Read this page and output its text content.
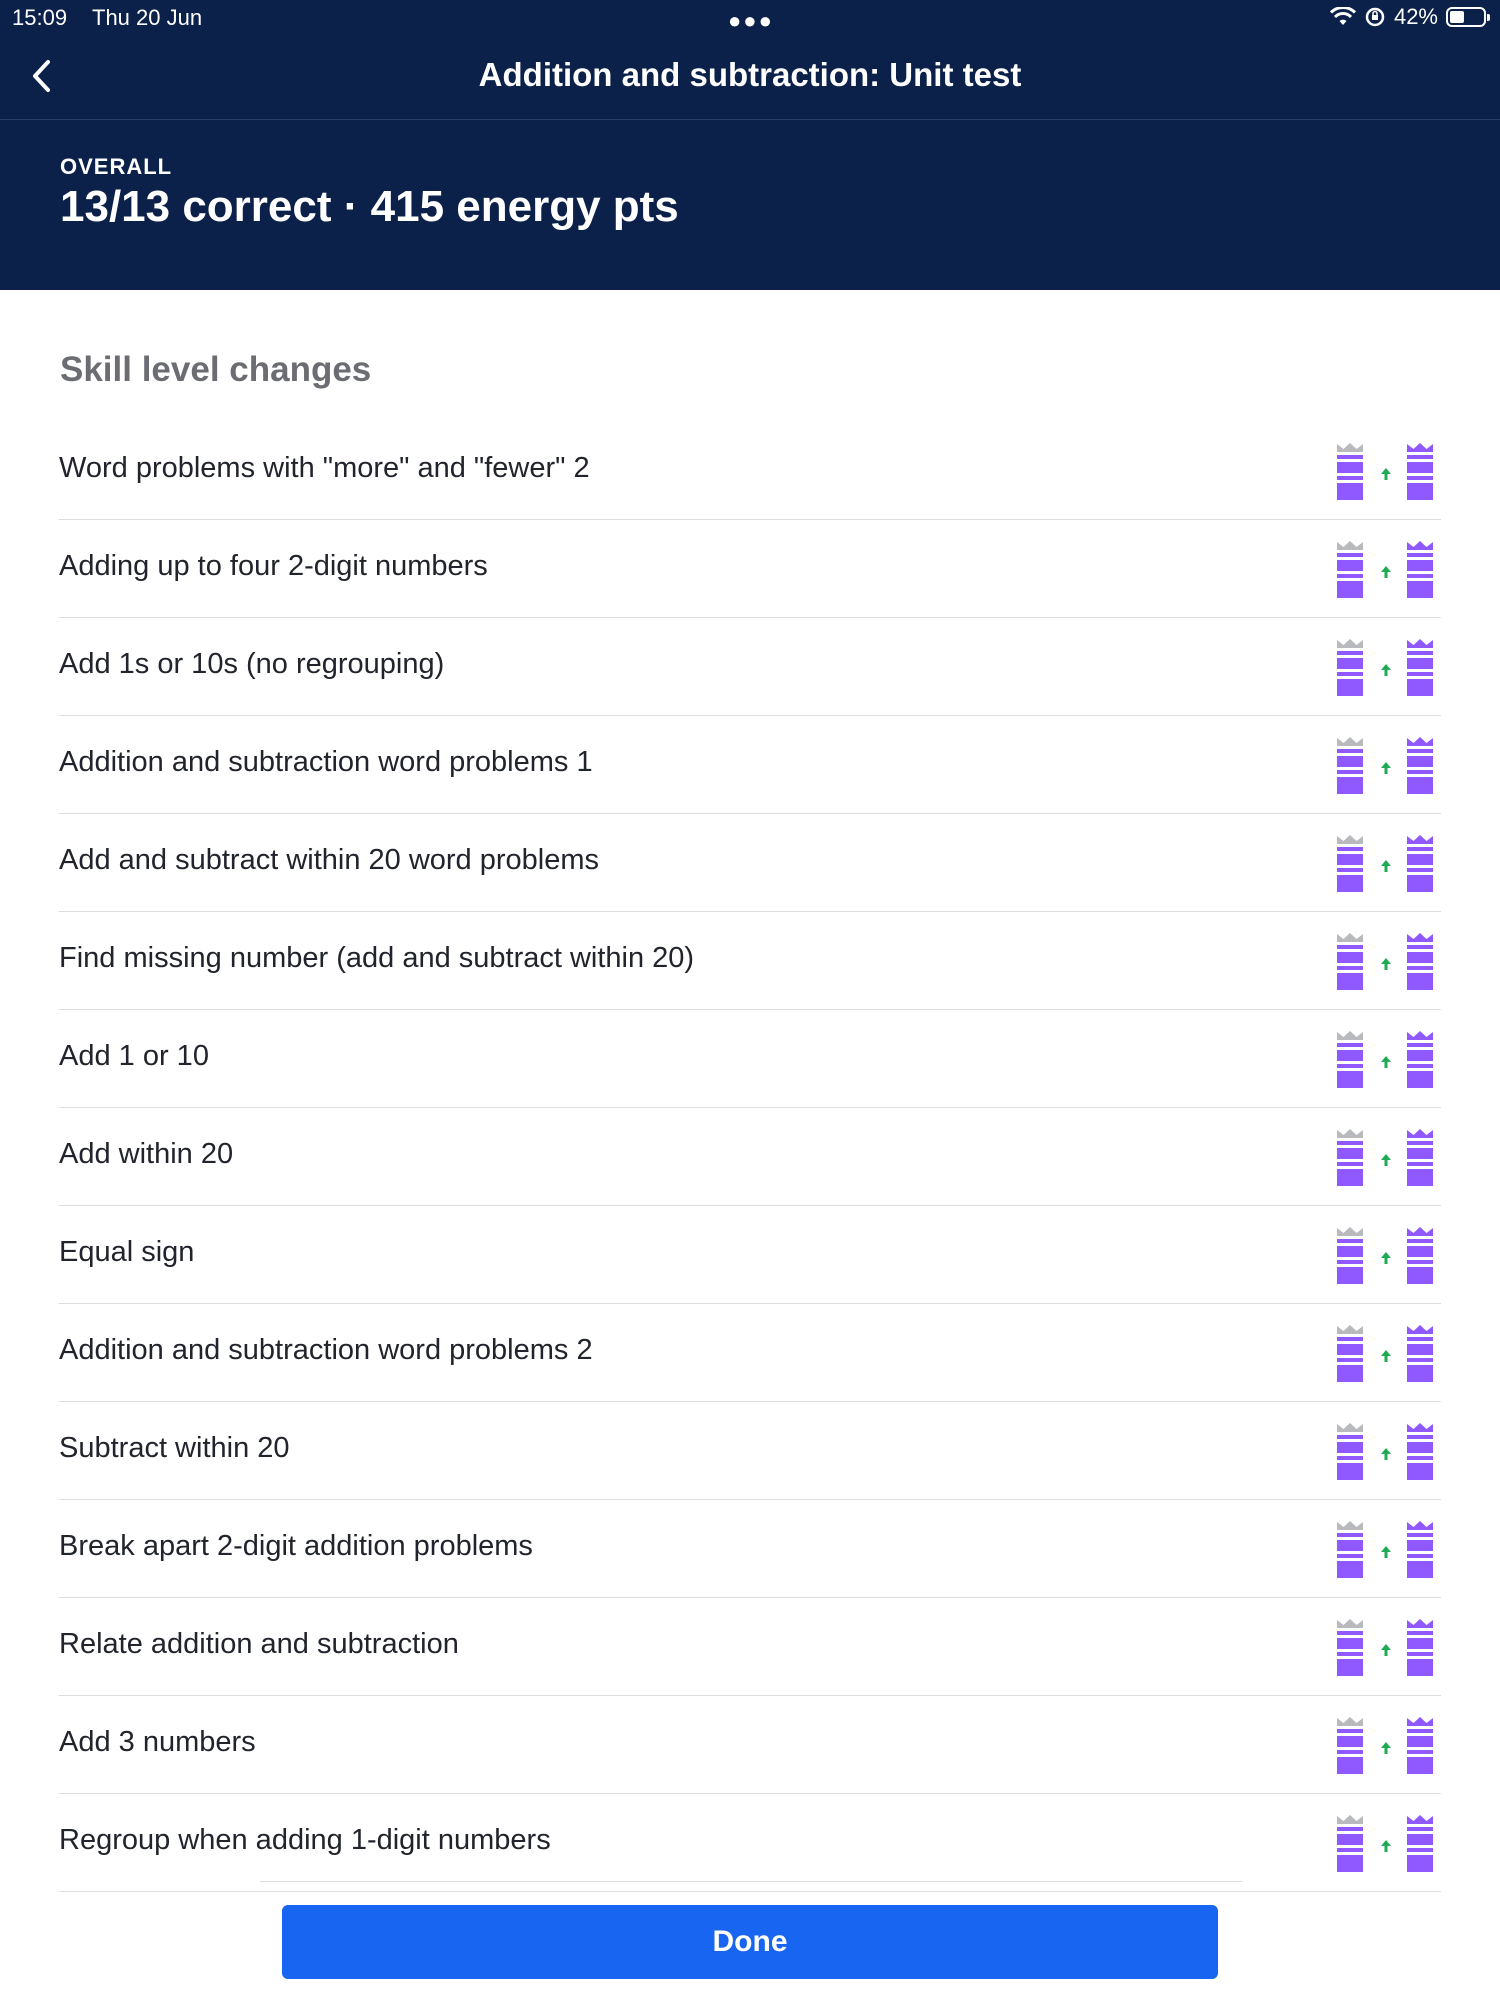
15:09 Thu 20 Jun	●●●	42%
Addition and subtraction: Unit test
OVERALL
13/13 correct · 415 energy pts
Skill level changes
Word problems with "more" and "fewer" 2
Adding up to four 2-digit numbers
Add 1s or 10s (no regrouping)
Addition and subtraction word problems 1
Add and subtract within 20 word problems
Find missing number (add and subtract within 20)
Add 1 or 10
Add within 20
Equal sign
Addition and subtraction word problems 2
Subtract within 20
Break apart 2-digit addition problems
Relate addition and subtraction
Add 3 numbers
Regroup when adding 1-digit numbers
Done
